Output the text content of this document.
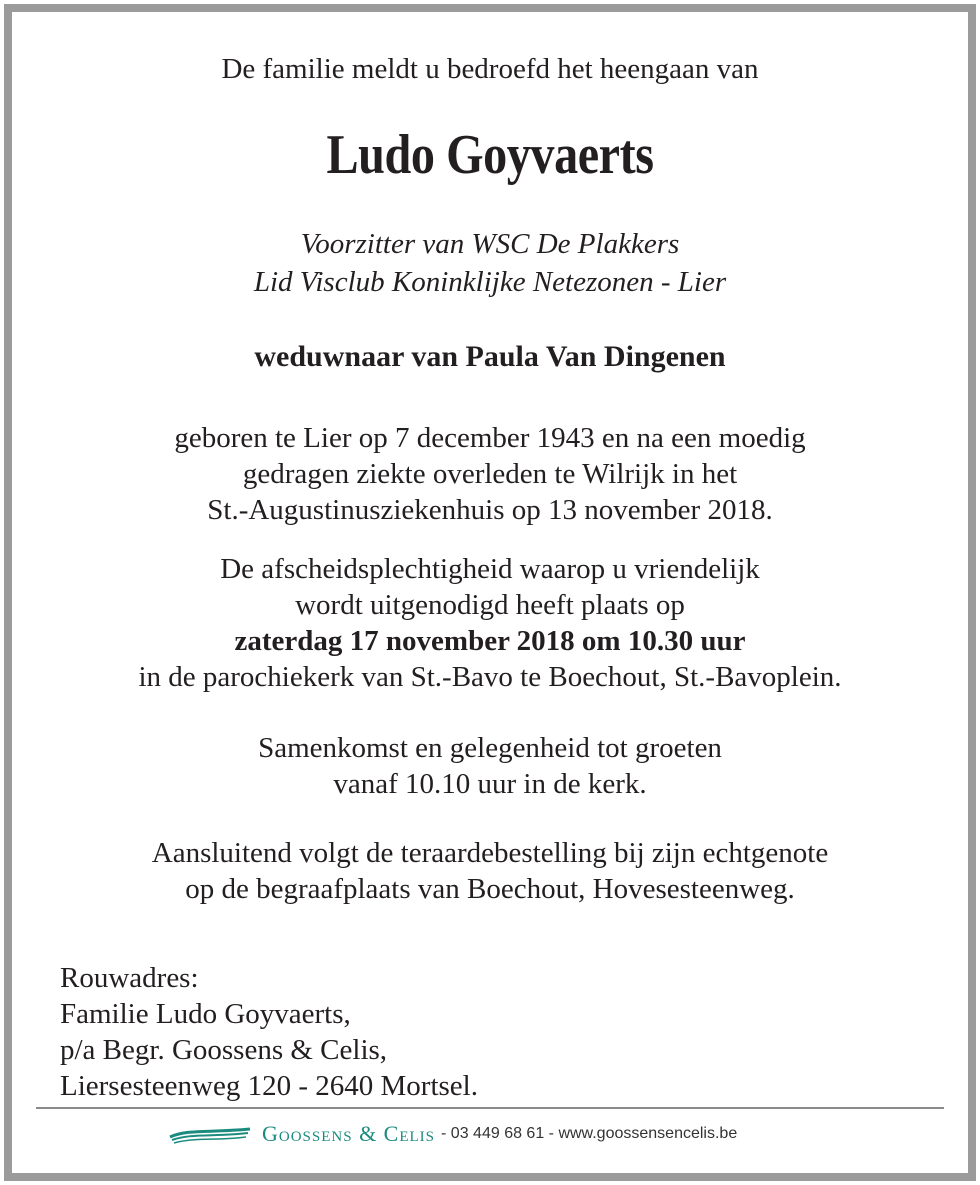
De familie meldt u bedroefd het heengaan van
Ludo Goyvaerts
Voorzitter van WSC De Plakkers
Lid Visclub Koninklijke Netezonen - Lier
weduwnaar van Paula Van Dingenen
geboren te Lier op 7 december 1943 en na een moedig
gedragen ziekte overleden te Wilrijk in het
St.-Augustinusziekenhuis op 13 november 2018.
De afscheidsplechtigheid waarop u vriendelijk
wordt uitgenodigd heeft plaats op
zaterdag 17 november 2018 om 10.30 uur
in de parochiekerk van St.-Bavo te Boechout, St.-Bavoplein.
Samenkomst en gelegenheid tot groeten
vanaf 10.10 uur in de kerk.
Aansluitend volgt de teraardebestelling bij zijn echtgenote
op de begraafplaats van Boechout, Hovesesteenweg.
Rouwadres:
Familie Ludo Goyvaerts,
p/a Begr. Goossens & Celis,
Liersesteenweg 120 - 2640 Mortsel.
Goossens & Celis - 03 449 68 61 - www.goossensencelis.be
